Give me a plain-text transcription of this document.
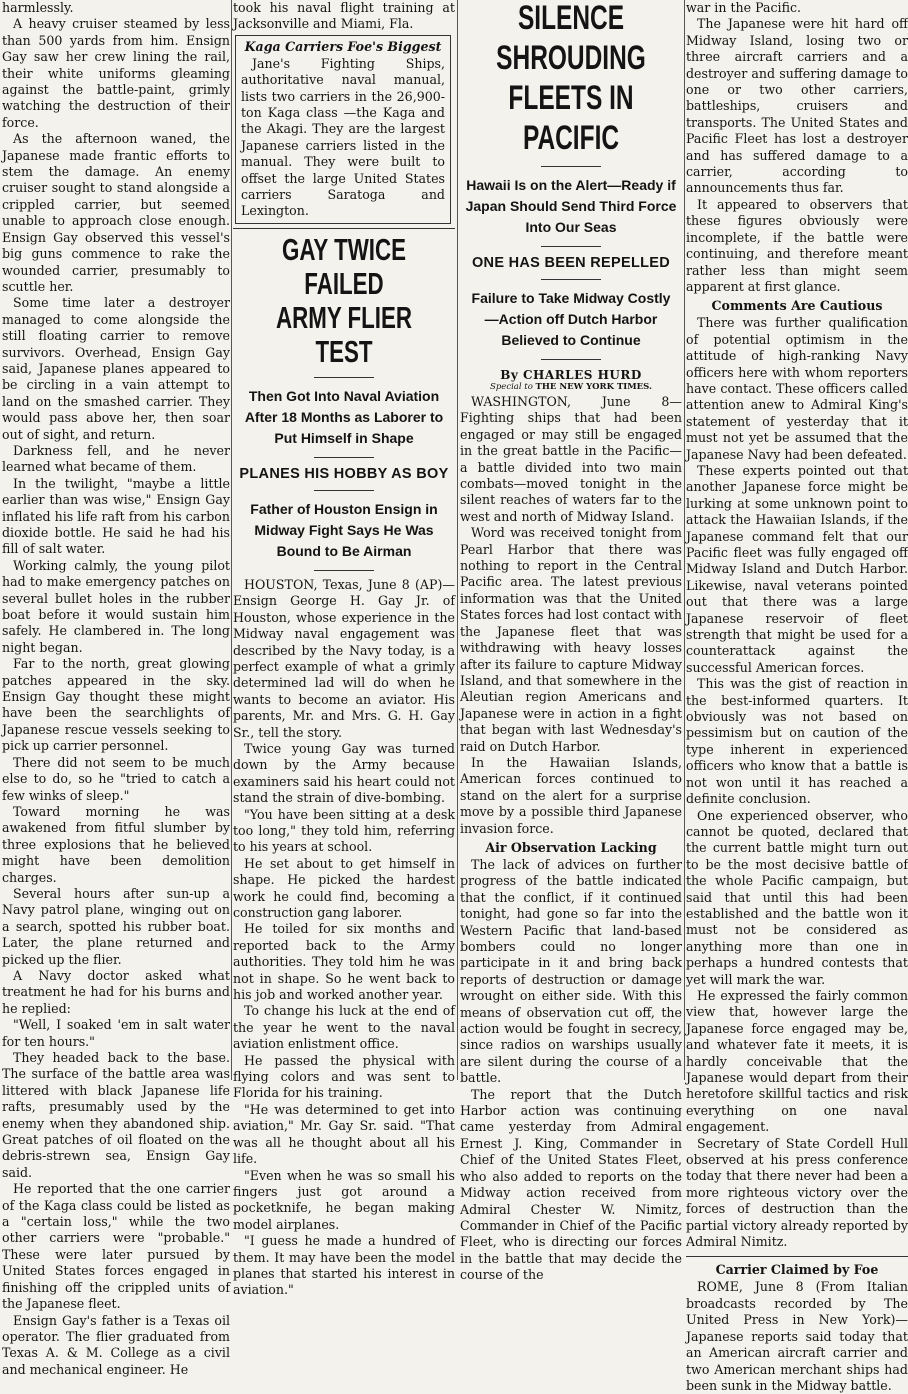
harmlessly.

A heavy cruiser steamed by less than 500 yards from him. Ensign Gay saw her crew lining the rail, their white uniforms gleaming against the battle-paint, grimly watching the destruction of their force.

As the afternoon waned, the Japanese made frantic efforts to stem the damage. An enemy cruiser sought to stand alongside a crippled carrier, but seemed unable to approach close enough. Ensign Gay observed this vessel's big guns commence to rake the wounded carrier, presumably to scuttle her.

Some time later a destroyer managed to come alongside the still floating carrier to remove survivors. Overhead, Ensign Gay said, Japanese planes appeared to be circling in a vain attempt to land on the smashed carrier. They would pass above her, then soar out of sight, and return.

Darkness fell, and he never learned what became of them.

In the twilight, "maybe a little earlier than was wise," Ensign Gay inflated his life raft from his carbon dioxide bottle. He said he had his fill of salt water.

Working calmly, the young pilot had to make emergency patches on several bullet holes in the rubber boat before it would sustain him safely. He clambered in. The long night began.

Far to the north, great glowing patches appeared in the sky. Ensign Gay thought these might have been the searchlights of Japanese rescue vessels seeking to pick up carrier personnel.

There did not seem to be much else to do, so he "tried to catch a few winks of sleep."

Toward morning he was awakened from fitful slumber by three explosions that he believed might have been demolition charges.

Several hours after sun-up a Navy patrol plane, winging out on a search, spotted his rubber boat. Later, the plane returned and picked up the flier.

A Navy doctor asked what treatment he had for his burns and he replied:

"Well, I soaked 'em in salt water for ten hours."

They headed back to the base. The surface of the battle area was littered with black Japanese life rafts, presumably used by the enemy when they abandoned ship. Great patches of oil floated on the debris-strewn sea, Ensign Gay said.

He reported that the one carrier of the Kaga class could be listed as a "certain loss," while the two other carriers were "probable." These were later pursued by United States forces engaged in finishing off the crippled units of the Japanese fleet.

Ensign Gay's father is a Texas oil operator. The flier graduated from Texas A. & M. College as a civil and mechanical engineer. He

took his naval flight training at Jacksonville and Miami, Fla.

Kaga Carriers Foe's Biggest

Jane's Fighting Ships, authoritative naval manual, lists two carriers in the 26,900-ton Kaga class —the Kaga and the Akagi. They are the largest Japanese carriers listed in the manual. They were built to offset the large United States carriers Saratoga and Lexington.

GAY TWICE FAILED
ARMY FLIER TEST
Then Got Into Naval Aviation After 18 Months as Laborer to Put Himself in Shape
PLANES HIS HOBBY AS BOY
Father of Houston Ensign in Midway Fight Says He Was Bound to Be Airman

HOUSTON, Texas, June 8 (AP)—Ensign George H. Gay Jr. of Houston, whose experience in the Midway naval engagement was described by the Navy today, is a perfect example of what a grimly determined lad will do when he wants to become an aviator. His parents, Mr. and Mrs. G. H. Gay Sr., tell the story.

Twice young Gay was turned down by the Army because examiners said his heart could not stand the strain of dive-bombing.

"You have been sitting at a desk too long," they told him, referring to his years at school.

He set about to get himself in shape. He picked the hardest work he could find, becoming a construction gang laborer.

He toiled for six months and reported back to the Army authorities. They told him he was not in shape. So he went back to his job and worked another year.

To change his luck at the end of the year he went to the naval aviation enlistment office.

He passed the physical with flying colors and was sent to Florida for his training.

"He was determined to get into aviation," Mr. Gay Sr. said. "That was all he thought about all his life.

"Even when he was so small his fingers just got around a pocketknife, he began making model airplanes.

"I guess he made a hundred of them. It may have been the model planes that started his interest in aviation."

SILENCE SHROUDING
FLEETS IN PACIFIC
Hawaii Is on the Alert—Ready if Japan Should Send Third Force Into Our Seas
ONE HAS BEEN REPELLED
Failure to Take Midway Costly —Action off Dutch Harbor Believed to Continue
By CHARLES HURD
Special to THE NEW YORK TIMES.

WASHINGTON, June 8—Fighting ships that had been engaged or may still be engaged in the great battle in the Pacific—a battle divided into two main combats—moved tonight in the silent reaches of waters far to the west and north of Midway Island.

Word was received tonight from Pearl Harbor that there was nothing to report in the Central Pacific area. The latest previous information was that the United States forces had lost contact with the Japanese fleet that was withdrawing with heavy losses after its failure to capture Midway Island, and that somewhere in the Aleutian region Americans and Japanese were in action in a fight that began with last Wednesday's raid on Dutch Harbor.

In the Hawaiian Islands, American forces continued to stand on the alert for a surprise move by a possible third Japanese invasion force.

Air Observation Lacking

The lack of advices on further progress of the battle indicated that the conflict, if it continued tonight, had gone so far into the Western Pacific that land-based bombers could no longer participate in it and bring back reports of destruction or damage wrought on either side. With this means of observation cut off, the action would be fought in secrecy, since radios on warships usually are silent during the course of a battle.

The report that the Dutch Harbor action was continuing came yesterday from Admiral Ernest J. King, Commander in Chief of the United States Fleet, who also added to reports on the Midway action received from Admiral Chester W. Nimitz, Commander in Chief of the Pacific Fleet, who is directing our forces in the battle that may decide the course of the

war in the Pacific.

The Japanese were hit hard off Midway Island, losing two or three aircraft carriers and a destroyer and suffering damage to one or two other carriers, battleships, cruisers and transports. The United States and Pacific Fleet has lost a destroyer and has suffered damage to a carrier, according to announcements thus far.

It appeared to observers that these figures obviously were incomplete, if the battle were continuing, and therefore meant rather less than might seem apparent at first glance.

Comments Are Cautious

There was further qualification of potential optimism in the attitude of high-ranking Navy officers here with whom reporters have contact. These officers called attention anew to Admiral King's statement of yesterday that it must not yet be assumed that the Japanese Navy had been defeated.

These experts pointed out that another Japanese force might be lurking at some unknown point to attack the Hawaiian Islands, if the Japanese command felt that our Pacific fleet was fully engaged off Midway Island and Dutch Harbor. Likewise, naval veterans pointed out that there was a large Japanese reservoir of fleet strength that might be used for a counterattack against the successful American forces.

This was the gist of reaction in the best-informed quarters. It obviously was not based on pessimism but on caution of the type inherent in experienced officers who know that a battle is not won until it has reached a definite conclusion.

One experienced observer, who cannot be quoted, declared that the current battle might turn out to be the most decisive battle of the whole Pacific campaign, but said that until this had been established and the battle won it must not be considered as anything more than one in perhaps a hundred contests that yet will mark the war.

He expressed the fairly common view that, however large the Japanese force engaged may be, and whatever fate it meets, it is hardly conceivable that the Japanese would depart from their heretofore skillful tactics and risk everything on one naval engagement.

Secretary of State Cordell Hull observed at his press conference today that there never had been a more righteous victory over the forces of destruction than the partial victory already reported by Admiral Nimitz.

Carrier Claimed by Foe

ROME, June 8 (From Italian broadcasts recorded by The United Press in New York)—Japanese reports said today that an American aircraft carrier and two American merchant ships had been sunk in the Midway battle.
